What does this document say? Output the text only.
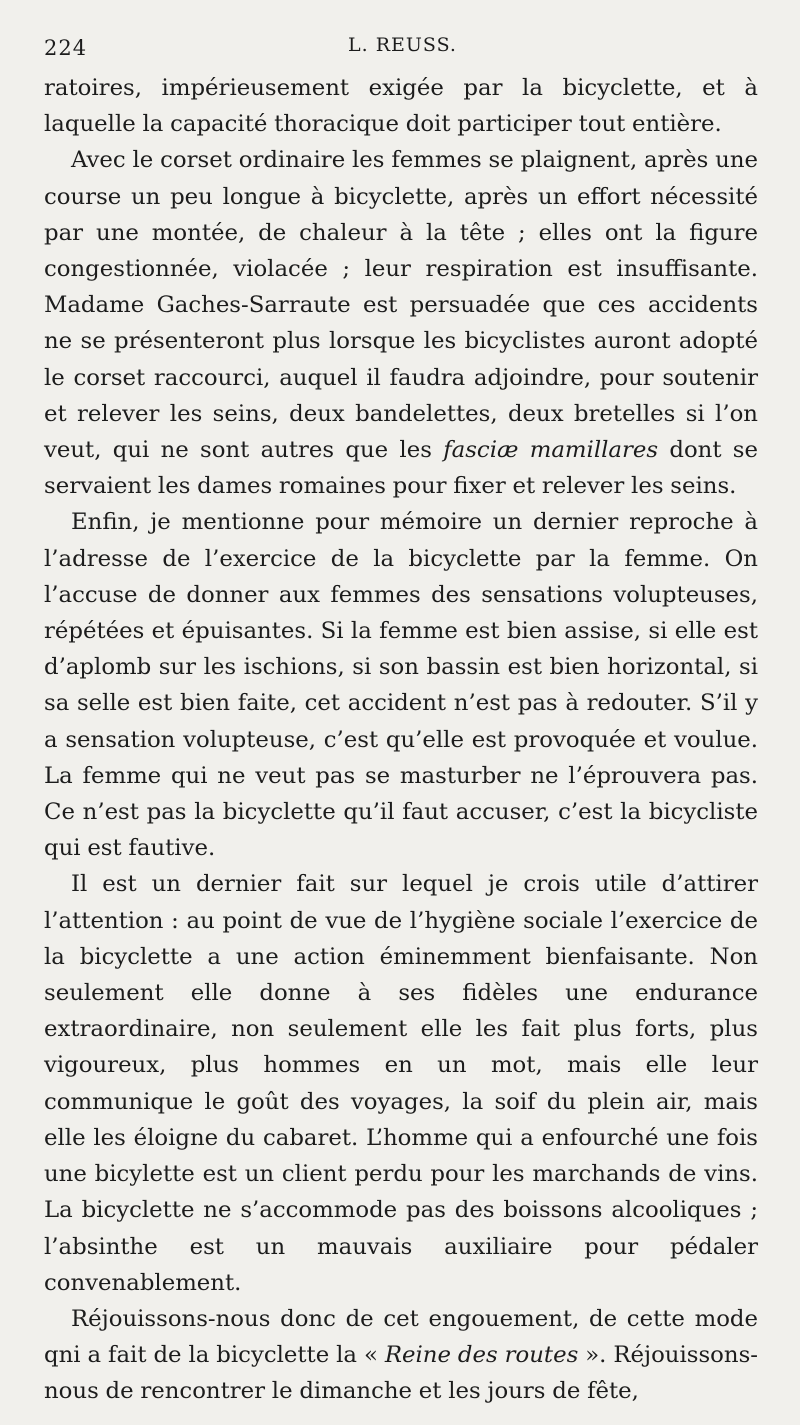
224	L. REUSS.

ratoires, impérieusement exigée par la bicyclette, et à laquelle la capacité thoracique doit participer tout entière.

Avec le corset ordinaire les femmes se plaignent, après une course un peu longue à bicyclette, après un effort nécessité par une montée, de chaleur à la tête ; elles ont la figure congestionnée, violacée ; leur respiration est insuffisante. Madame Gaches-Sarraute est persuadée que ces accidents ne se présenteront plus lorsque les bicyclistes auront adopté le corset raccourci, auquel il faudra adjoindre, pour soutenir et relever les seins, deux bandelettes, deux bretelles si l’on veut, qui ne sont autres que les fasciæ mamillares dont se servaient les dames romaines pour fixer et relever les seins.

Enfin, je mentionne pour mémoire un dernier reproche à l’adresse de l’exercice de la bicyclette par la femme. On l’accuse de donner aux femmes des sensations volupteuses, répétées et épuisantes. Si la femme est bien assise, si elle est d’aplomb sur les ischions, si son bassin est bien horizontal, si sa selle est bien faite, cet accident n’est pas à redouter. S’il y a sensation volupteuse, c’est qu’elle est provoquée et voulue. La femme qui ne veut pas se masturber ne l’éprouvera pas. Ce n’est pas la bicyclette qu’il faut accuser, c’est la bicycliste qui est fautive.

Il est un dernier fait sur lequel je crois utile d’attirer l’attention : au point de vue de l’hygiène sociale l’exercice de la bicyclette a une action éminemment bienfaisante. Non seulement elle donne à ses fidèles une endurance extraordinaire, non seulement elle les fait plus forts, plus vigoureux, plus hommes en un mot, mais elle leur communique le goût des voyages, la soif du plein air, mais elle les éloigne du cabaret. L’homme qui a enfourché une fois une bicylette est un client perdu pour les marchands de vins. La bicyclette ne s’accommode pas des boissons alcooliques ; l’absinthe est un mauvais auxiliaire pour pédaler convenablement.

Réjouissons-nous donc de cet engouement, de cette mode qni a fait de la bicyclette la « Reine des routes ». Réjouissons-nous de rencontrer le dimanche et les jours de fête,
